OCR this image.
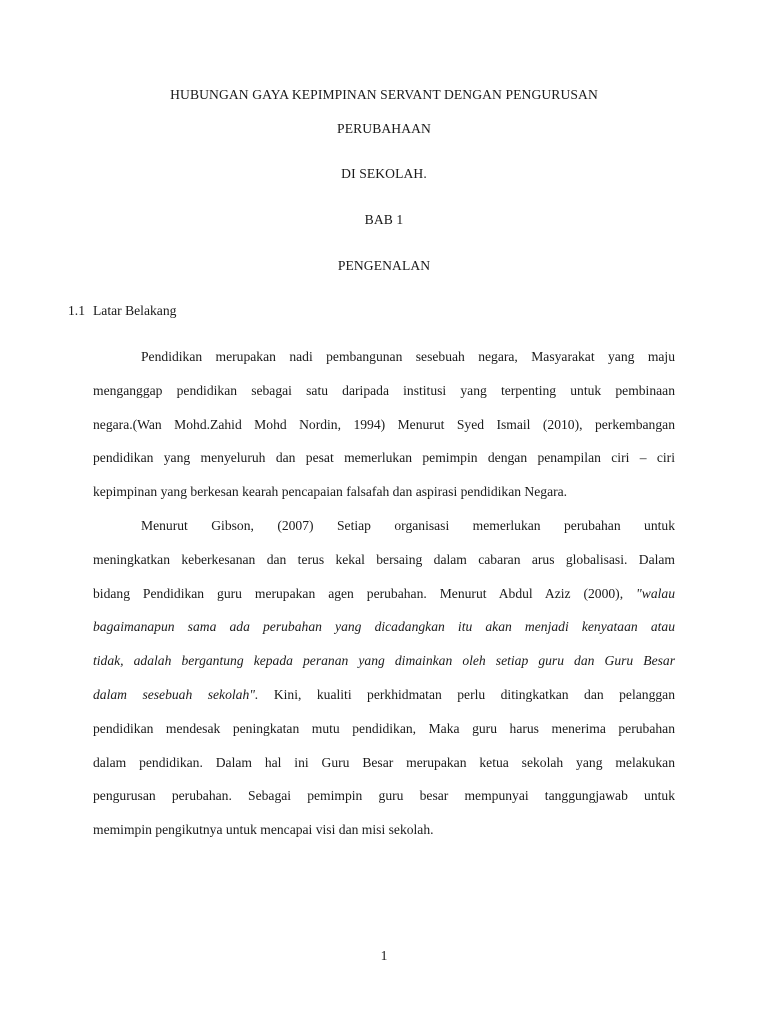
HUBUNGAN GAYA KEPIMPINAN SERVANT DENGAN PENGURUSAN
PERUBAHAAN
DI SEKOLAH.
BAB 1
PENGENALAN
1.1 Latar Belakang
Pendidikan merupakan nadi pembangunan sesebuah negara, Masyarakat yang maju
menganggap pendidikan sebagai satu daripada institusi yang terpenting untuk pembinaan
negara.(Wan Mohd.Zahid Mohd Nordin, 1994) Menurut Syed Ismail (2010), perkembangan
pendidikan yang menyeluruh dan pesat memerlukan pemimpin dengan penampilan ciri – ciri
kepimpinan yang berkesan kearah pencapaian falsafah dan aspirasi pendidikan Negara.
Menurut Gibson, (2007) Setiap organisasi memerlukan perubahan untuk
meningkatkan keberkesanan dan terus kekal bersaing dalam cabaran arus globalisasi. Dalam
bidang Pendidikan guru merupakan agen perubahan. Menurut Abdul Aziz (2000), "walau
bagaimanapun sama ada perubahan yang dicadangkan itu akan menjadi kenyataan atau
tidak, adalah bergantung kepada peranan yang dimainkan oleh setiap guru dan Guru Besar
dalam sesebuah sekolah". Kini, kualiti perkhidmatan perlu ditingkatkan dan pelanggan
pendidikan mendesak peningkatan mutu pendidikan, Maka guru harus menerima perubahan
dalam pendidikan. Dalam hal ini Guru Besar merupakan ketua sekolah yang melakukan
pengurusan perubahan. Sebagai pemimpin guru besar mempunyai tanggungjawab untuk
memimpin pengikutnya untuk mencapai visi dan misi sekolah.
1
